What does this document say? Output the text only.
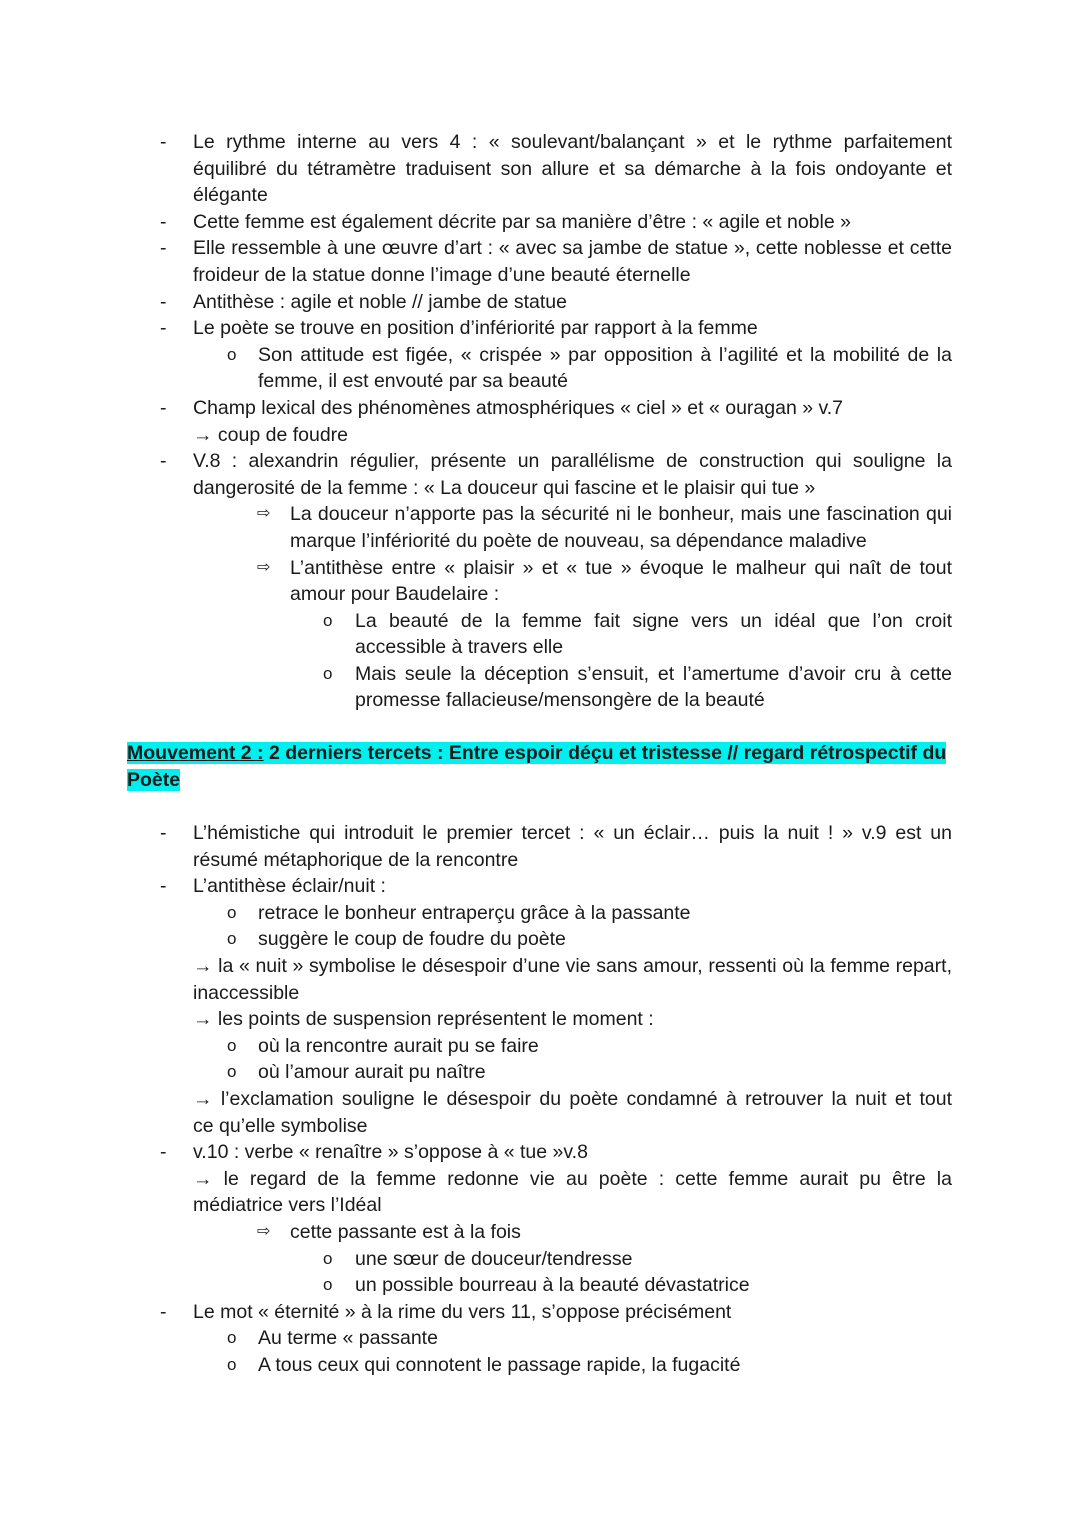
- Le rythme interne au vers 4 : « soulevant/balançant » et le rythme parfaitement
équilibré du tétramètre traduisent son allure et sa démarche à la fois ondoyante et
élégante
- Cette femme est également décrite par sa manière d’être : « agile et noble »
- Elle ressemble à une œuvre d’art : « avec sa jambe de statue », cette noblesse et cette
froideur de la statue donne l’image d’une beauté éternelle
- Antithèse : agile et noble // jambe de statue
- Le poète se trouve en position d’infériorité par rapport à la femme
o Son attitude est figée, « crispée » par opposition à l’agilité et la mobilité de la
femme, il est envouté par sa beauté
- Champ lexical des phénomènes atmosphériques « ciel » et « ouragan » v.7
→ coup de foudre
- V.8 : alexandrin régulier, présente un parallélisme de construction qui souligne la
dangerosité de la femme : « La douceur qui fascine et le plaisir qui tue »
⇨ La douceur n’apporte pas la sécurité ni le bonheur, mais une fascination qui
marque l’infériorité du poète de nouveau, sa dépendance maladive
⇨ L’antithèse entre « plaisir » et « tue » évoque le malheur qui naît de tout
amour pour Baudelaire :
o La beauté de la femme fait signe vers un idéal que l’on croit
accessible à travers elle
o Mais seule la déception s’ensuit, et l’amertume d’avoir cru à cette
promesse fallacieuse/mensongère de la beauté
Mouvement 2 : 2 derniers tercets : Entre espoir déçu et tristesse // regard rétrospectif du
Poète
- L’hémistiche qui introduit le premier tercet : « un éclair… puis la nuit ! » v.9 est un
résumé métaphorique de la rencontre
- L’antithèse éclair/nuit :
o retrace le bonheur entraperçu grâce à la passante
o suggère le coup de foudre du poète
→ la « nuit » symbolise le désespoir d’une vie sans amour, ressenti où la femme repart,
inaccessible
→ les points de suspension représentent le moment :
o où la rencontre aurait pu se faire
o où l’amour aurait pu naître
→ l’exclamation souligne le désespoir du poète condamné à retrouver la nuit et tout
ce qu’elle symbolise
- v.10 : verbe « renaître » s’oppose à « tue »v.8
→ le regard de la femme redonne vie au poète : cette femme aurait pu être la
médiatrice vers l’Idéal
⇨ cette passante est à la fois
o une sœur de douceur/tendresse
o un possible bourreau à la beauté dévastatrice
- Le mot « éternité » à la rime du vers 11, s’oppose précisément
o Au terme « passante
o A tous ceux qui connotent le passage rapide, la fugacité
